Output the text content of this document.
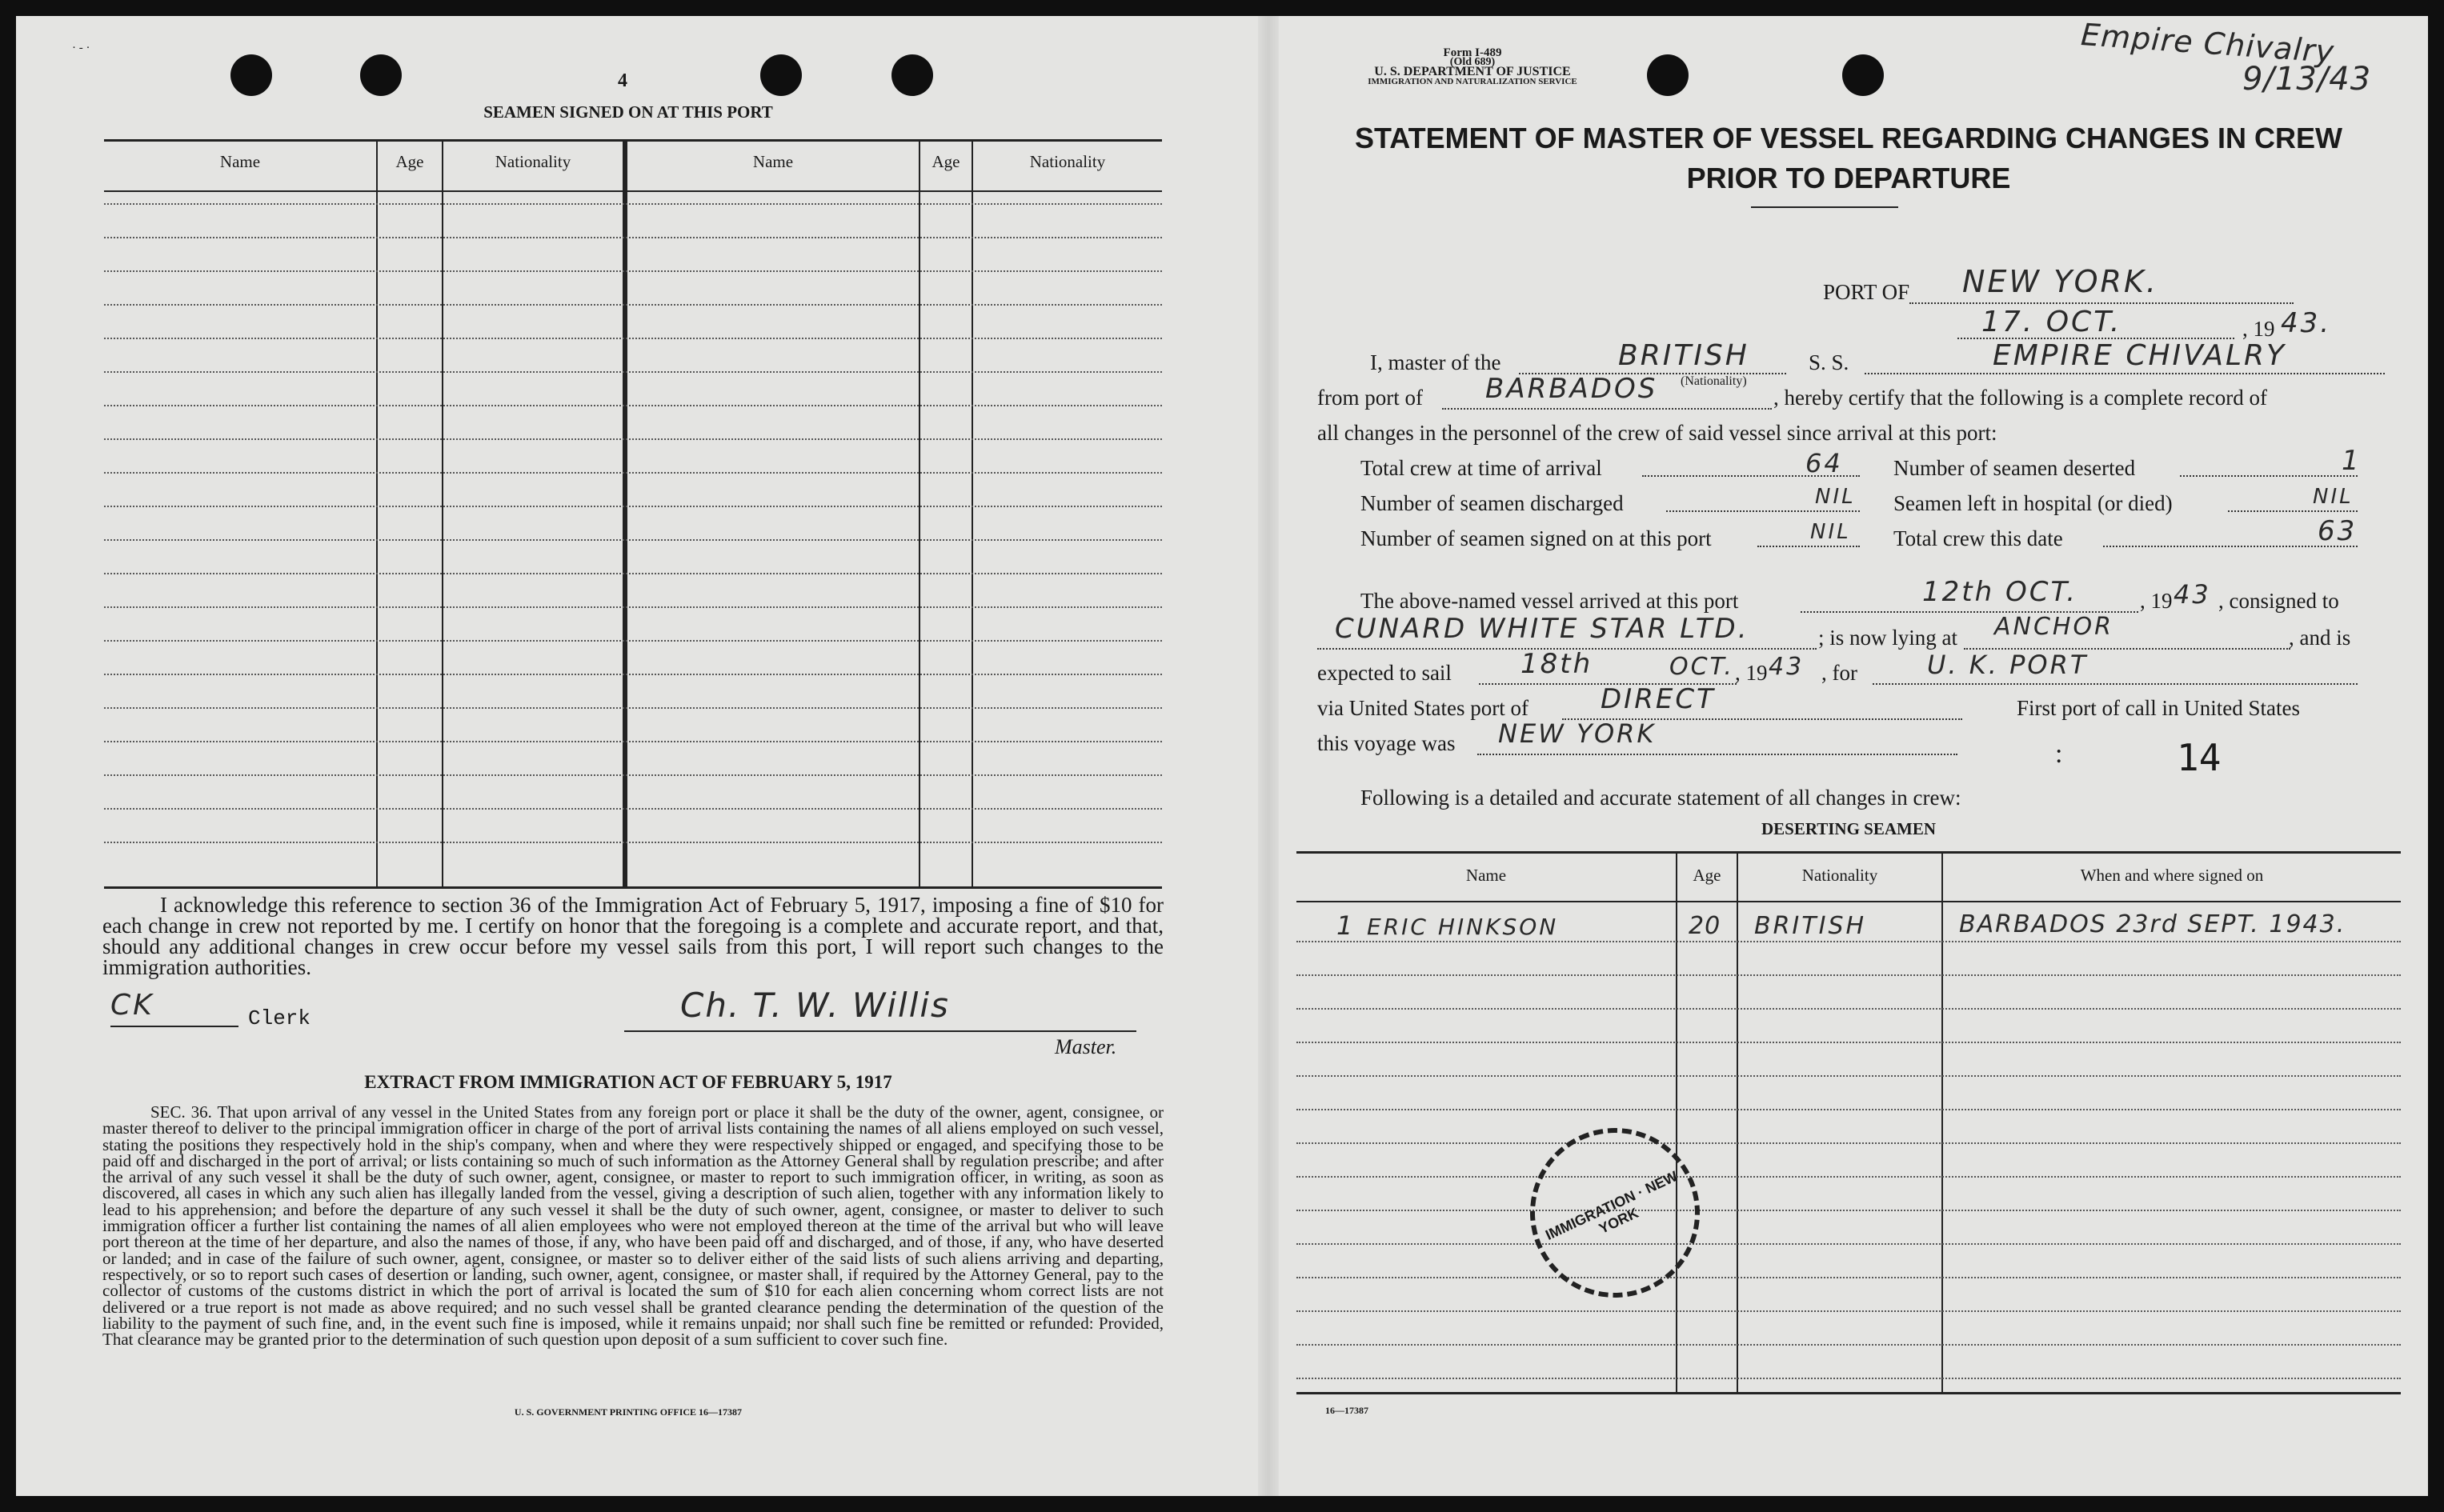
· - ·
4
SEAMEN SIGNED ON AT THIS PORT
Name	Age	Nationality	Name	Age	Nationality
I acknowledge this reference to section 36 of the Immigration Act of February 5, 1917, imposing a fine of $10 for each change in crew not reported by me. I certify on honor that the foregoing is a complete and accurate report, and that, should any additional changes in crew occur before my vessel sails from this port, I will report such changes to the immigration authorities.
CK	Clerk	Ch. T. W. Willis
Master.
EXTRACT FROM IMMIGRATION ACT OF FEBRUARY 5, 1917
SEC. 36. That upon arrival of any vessel in the United States from any foreign port or place it shall be the duty of the owner, agent, consignee, or master thereof to deliver to the principal immigration officer in charge of the port of arrival lists containing the names of all aliens employed on such vessel, stating the positions they respectively hold in the ship's company, when and where they were respectively shipped or engaged, and specifying those to be paid off and discharged in the port of arrival; or lists containing so much of such information as the Attorney General shall by regulation prescribe; and after the arrival of any such vessel it shall be the duty of such owner, agent, consignee, or master to report to such immigration officer, in writing, as soon as discovered, all cases in which any such alien has illegally landed from the vessel, giving a description of such alien, together with any information likely to lead to his apprehension; and before the departure of any such vessel it shall be the duty of such owner, agent, consignee, or master to deliver to such immigration officer a further list containing the names of all alien employees who were not employed thereon at the time of the arrival but who will leave port thereon at the time of her departure, and also the names of those, if any, who have been paid off and discharged, and of those, if any, who have deserted or landed; and in case of the failure of such owner, agent, consignee, or master so to deliver either of the said lists of such aliens arriving and departing, respectively, or so to report such cases of desertion or landing, such owner, agent, consignee, or master shall, if required by the Attorney General, pay to the collector of customs of the customs district in which the port of arrival is located the sum of $10 for each alien concerning whom correct lists are not delivered or a true report is not made as above required; and no such vessel shall be granted clearance pending the determination of the question of the liability to the payment of such fine, and, in the event such fine is imposed, while it remains unpaid; nor shall such fine be remitted or refunded: Provided, That clearance may be granted prior to the determination of such question upon deposit of a sum sufficient to cover such fine.
U. S. GOVERNMENT PRINTING OFFICE 16—17387
Form I-489
(Old 689)
U. S. DEPARTMENT OF JUSTICE
IMMIGRATION AND NATURALIZATION SERVICE
Empire Chivalry
9/13/43
STATEMENT OF MASTER OF VESSEL REGARDING CHANGES IN CREW
PRIOR TO DEPARTURE
PORT OF NEW YORK.
17. OCT.	, 19 43.
I, master of the	BRITISH
(Nationality)
S. S.	EMPIRE CHIVALRY
from port of BARBADOS	, hereby certify that the following is a complete record of
all changes in the personnel of the crew of said vessel since arrival at this port:
Total crew at time of arrival	64 Number of seamen deserted	1
Number of seamen discharged	NIL Seamen left in hospital (or died)	NIL
Number of seamen signed on at this port	NIL Total crew this date	63
The above-named vessel arrived at this port	12th OCT.	, 19 43 , consigned to
CUNARD WHITE STAR LTD.	; is now lying at ANCHOR	, and is
expected to sail	18th	OCT. , 19 43 , for	U. K. PORT
via United States port of	DIRECT	First port of call in United States
this voyage was NEW YORK
:	14
Following is a detailed and accurate statement of all changes in crew:
DESERTING SEAMEN
Name	Age	Nationality	When and where signed on
1 ERIC HINKSON	20 BRITISH	BARBADOS 23rd SEPT. 1943.
IMMIGRATION · NEW YORK
16—17387
